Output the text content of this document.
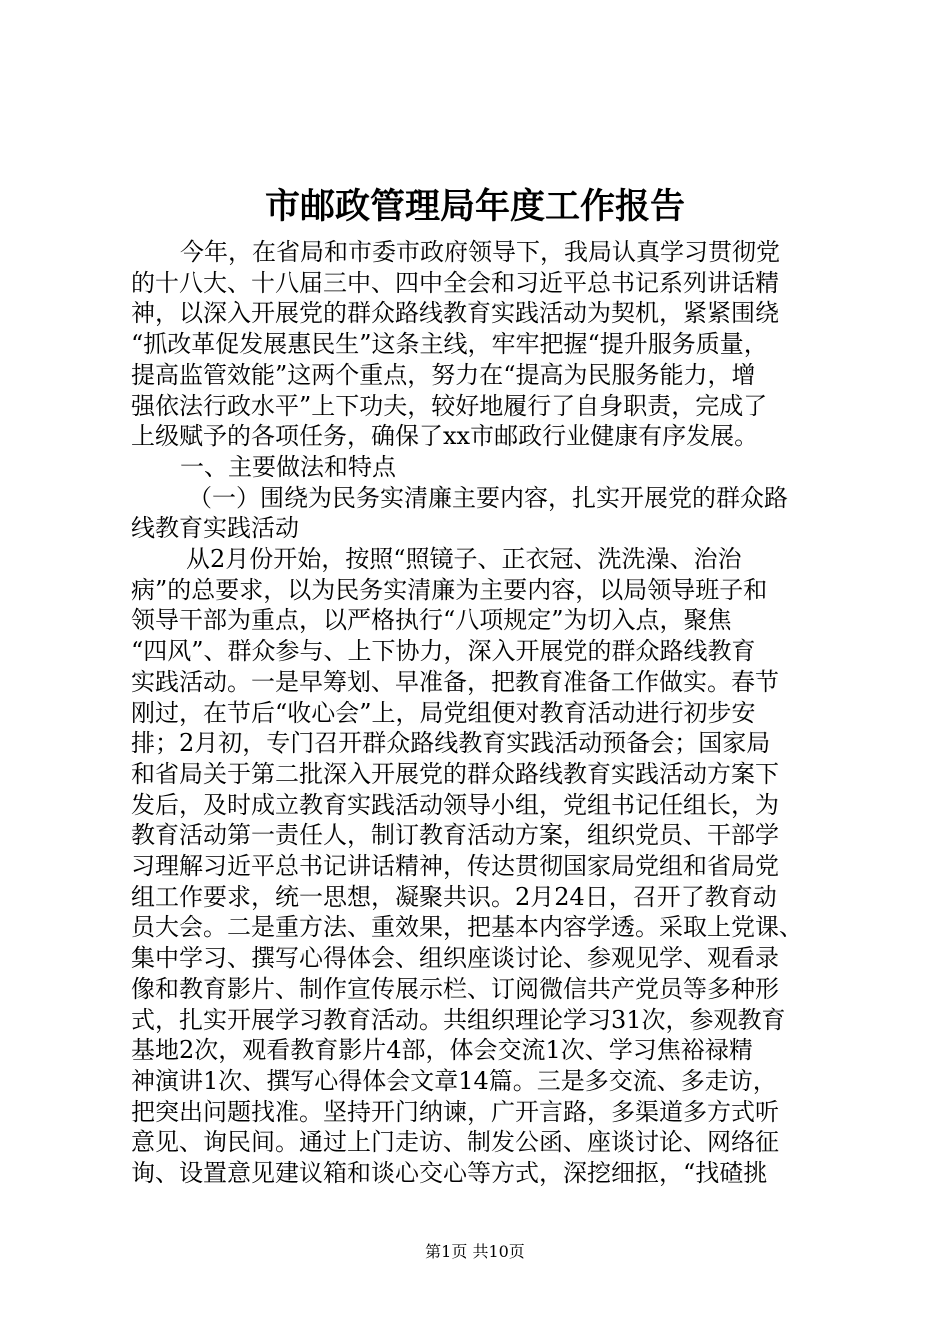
市邮政管理局年度工作报告
今年，在省局和市委市政府领导下，我局认真学习贯彻党
的十八大、十八届三中、四中全会和习近平总书记系列讲话精
神，以深入开展党的群众路线教育实践活动为契机，紧紧围绕
“抓改革促发展惠民生”这条主线，牢牢把握“提升服务质量，
提高监管效能”这两个重点，努力在“提高为民服务能力，增
强依法行政水平”上下功夫，较好地履行了自身职责，完成了
上级赋予的各项任务，确保了xx市邮政行业健康有序发展。
一、主要做法和特点
（一）围绕为民务实清廉主要内容，扎实开展党的群众路
线教育实践活动
从2月份开始，按照“照镜子、正衣冠、洗洗澡、治治
病”的总要求，以为民务实清廉为主要内容，以局领导班子和
领导干部为重点，以严格执行“八项规定”为切入点，聚焦
“四风”、群众参与、上下协力，深入开展党的群众路线教育
实践活动。一是早筹划、早准备，把教育准备工作做实。春节
刚过，在节后“收心会”上，局党组便对教育活动进行初步安
排；2月初，专门召开群众路线教育实践活动预备会；国家局
和省局关于第二批深入开展党的群众路线教育实践活动方案下
发后，及时成立教育实践活动领导小组，党组书记任组长，为
教育活动第一责任人，制订教育活动方案，组织党员、干部学
习理解习近平总书记讲话精神，传达贯彻国家局党组和省局党
组工作要求，统一思想，凝聚共识。2月24日，召开了教育动
员大会。二是重方法、重效果，把基本内容学透。采取上党课、
集中学习、撰写心得体会、组织座谈讨论、参观见学、观看录
像和教育影片、制作宣传展示栏、订阅微信共产党员等多种形
式，扎实开展学习教育活动。共组织理论学习31次，参观教育
基地2次，观看教育影片4部，体会交流1次、学习焦裕禄精
神演讲1次、撰写心得体会文章14篇。三是多交流、多走访，
把突出问题找准。坚持开门纳谏，广开言路，多渠道多方式听
意见、询民间。通过上门走访、制发公函、座谈讨论、网络征
询、设置意见建议箱和谈心交心等方式，深挖细抠，“找碴挑
第1页 共10页
